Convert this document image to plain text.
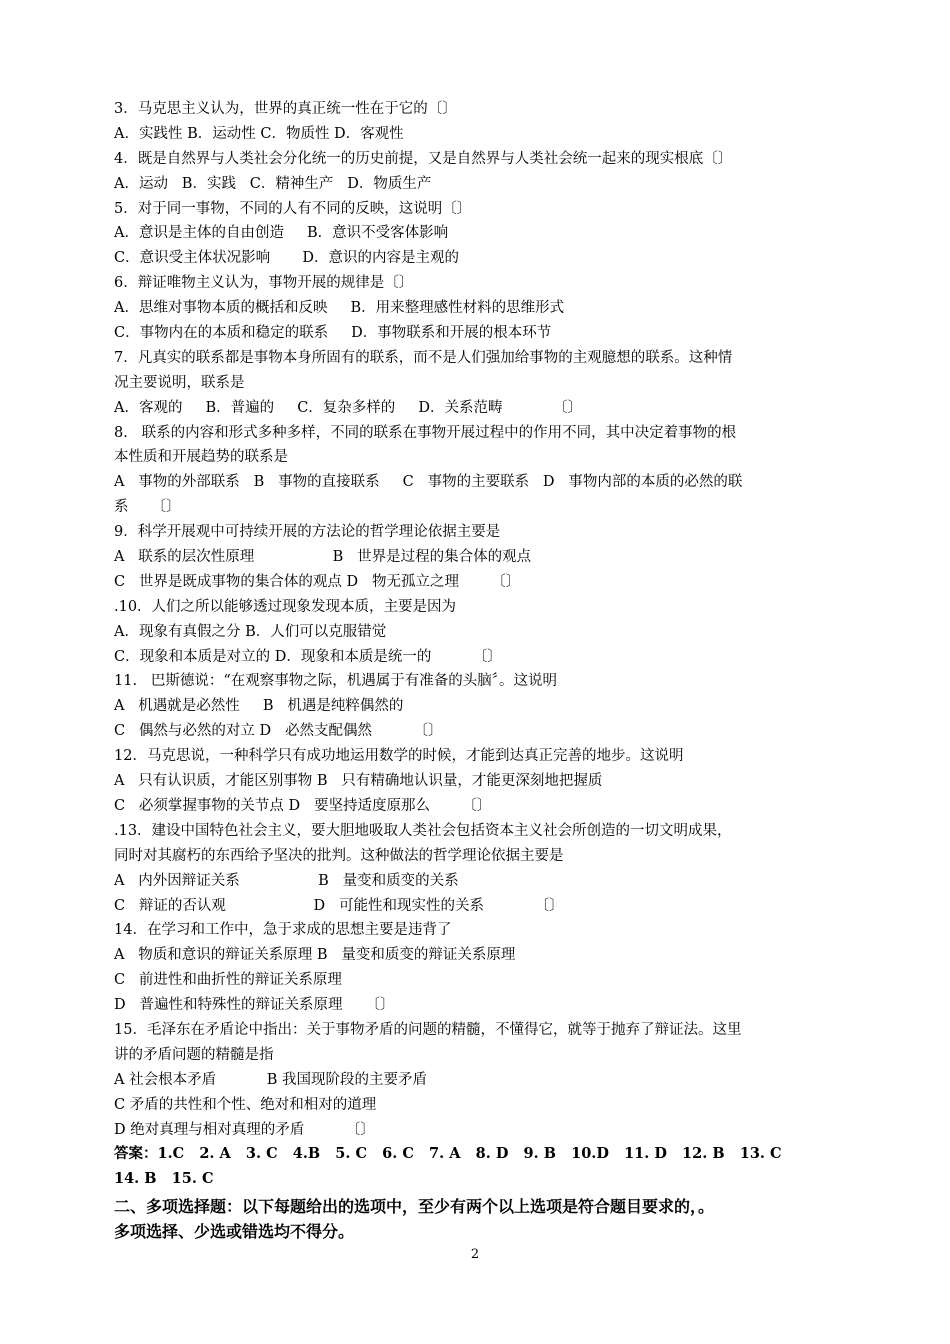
3．马克思主义认为，世界的真正统一性在于它的〔〕
A．实践性 B．运动性 C．物质性 D．客观性
4．既是自然界与人类社会分化统一的历史前提，又是自然界与人类社会统一起来的现实根底〔〕
A．运动   B．实践   C．精神生产   D．物质生产
5．对于同一事物，不同的人有不同的反映，这说明〔〕
A．意识是主体的自由创造     B．意识不受客体影响
C．意识受主体状况影响       D．意识的内容是主观的
6．辩证唯物主义认为，事物开展的规律是〔〕
A．思维对事物本质的概括和反映     B．用来整理感性材料的思维形式
C．事物内在的本质和稳定的联系     D．事物联系和开展的根本环节
7．凡真实的联系都是事物本身所固有的联系，而不是人们强加给事物的主观臆想的联系。这种情
况主要说明，联系是
A．客观的     B．普遍的     C．复杂多样的     D．关系范畴           〔〕
8.   联系的内容和形式多种多样，不同的联系在事物开展过程中的作用不同，其中决定着事物的根
本性质和开展趋势的联系是
A   事物的外部联系   B   事物的直接联系     C   事物的主要联系   D   事物内部的本质的必然的联
系     〔〕
9．科学开展观中可持续开展的方法论的哲学理论依据主要是
A   联系的层次性原理                 B   世界是过程的集合体的观点
C   世界是既成事物的集合体的观点 D   物无孤立之理       〔〕
.10．人们之所以能够透过现象发现本质，主要是因为
A．现象有真假之分 B．人们可以克服错觉
C．现象和本质是对立的 D．现象和本质是统一的         〔〕
11.   巴斯德说：“在观察事物之际，机遇属于有准备的头脑〞。这说明
A   机遇就是必然性     B   机遇是纯粹偶然的
C   偶然与必然的对立 D   必然支配偶然         〔〕
12．马克思说，一种科学只有成功地运用数学的时候，才能到达真正完善的地步。这说明
A   只有认识质，才能区别事物 B   只有精确地认识量，才能更深刻地把握质
C   必须掌握事物的关节点 D   要坚持适度原那么       〔〕
.13．建设中国特色社会主义，要大胆地吸取人类社会包括资本主义社会所创造的一切文明成果，
同时对其腐朽的东西给予坚决的批判。这种做法的哲学理论依据主要是
A   内外因辩证关系                 B   量变和质变的关系
C   辩证的否认观                   D   可能性和现实性的关系           〔〕
14．在学习和工作中，急于求成的思想主要是违背了
A   物质和意识的辩证关系原理 B   量变和质变的辩证关系原理
C   前进性和曲折性的辩证关系原理
D   普遍性和特殊性的辩证关系原理     〔〕
15．毛泽东在矛盾论中指出：关于事物矛盾的问题的精髓，不懂得它，就等于抛弃了辩证法。这里
讲的矛盾问题的精髓是指
A 社会根本矛盾           B 我国现阶段的主要矛盾
C 矛盾的共性和个性、绝对和相对的道理
D 绝对真理与相对真理的矛盾         〔〕
答案：1.C   2. A   3. C   4.B   5. C   6. C   7. A   8. D   9. B   10.D   11. D   12. B   13. C
14. B   15. C
二、多项选择题：以下每题给出的选项中，至少有两个以上选项是符合题目要求的，。
多项选择、少选或错选均不得分。
2
